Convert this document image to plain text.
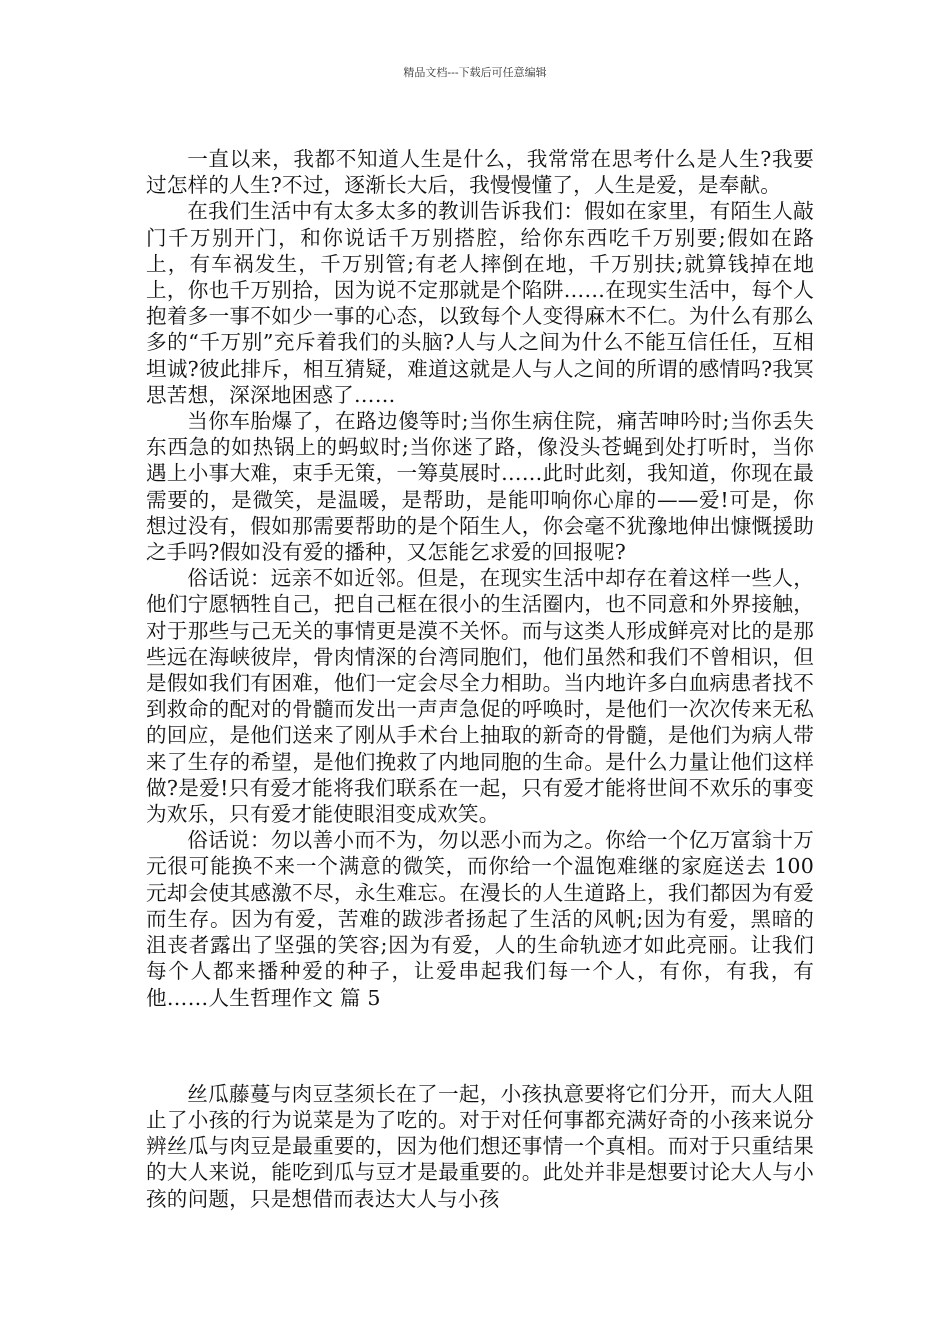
精品文档---下载后可任意编辑

一直以来，我都不知道人生是什么，我常常在思考什么是人生?我要过怎样的人生?不过，逐渐长大后，我慢慢懂了，人生是爱，是奉献。

在我们生活中有太多太多的教训告诉我们：假如在家里，有陌生人敲门千万别开门，和你说话千万别搭腔，给你东西吃千万别要;假如在路上，有车祸发生，千万别管;有老人摔倒在地，千万别扶;就算钱掉在地上，你也千万别拾，因为说不定那就是个陷阱……在现实生活中，每个人抱着多一事不如少一事的心态，以致每个人变得麻木不仁。为什么有那么多的“千万别”充斥着我们的头脑?人与人之间为什么不能互信任任，互相坦诚?彼此排斥，相互猜疑，难道这就是人与人之间的所谓的感情吗?我冥思苦想，深深地困惑了……

当你车胎爆了，在路边傻等时;当你生病住院，痛苦呻吟时;当你丢失东西急的如热锅上的蚂蚁时;当你迷了路，像没头苍蝇到处打听时，当你遇上小事大难，束手无策，一筹莫展时……此时此刻，我知道，你现在最需要的，是微笑，是温暖，是帮助，是能叩响你心扉的——爱!可是，你想过没有，假如那需要帮助的是个陌生人，你会毫不犹豫地伸出慷慨援助之手吗?假如没有爱的播种，又怎能乞求爱的回报呢?

俗话说：远亲不如近邻。但是，在现实生活中却存在着这样一些人，他们宁愿牺牲自己，把自己框在很小的生活圈内，也不同意和外界接触，对于那些与己无关的事情更是漠不关怀。而与这类人形成鲜亮对比的是那些远在海峡彼岸，骨肉情深的台湾同胞们，他们虽然和我们不曾相识，但是假如我们有困难，他们一定会尽全力相助。当内地许多白血病患者找不到救命的配对的骨髓而发出一声声急促的呼唤时，是他们一次次传来无私的回应，是他们送来了刚从手术台上抽取的新奇的骨髓，是他们为病人带来了生存的希望，是他们挽救了内地同胞的生命。是什么力量让他们这样做?是爱!只有爱才能将我们联系在一起，只有爱才能将世间不欢乐的事变为欢乐，只有爱才能使眼泪变成欢笑。

俗话说：勿以善小而不为，勿以恶小而为之。你给一个亿万富翁十万元很可能换不来一个满意的微笑，而你给一个温饱难继的家庭送去 100 元却会使其感激不尽，永生难忘。在漫长的人生道路上，我们都因为有爱而生存。因为有爱，苦难的跋涉者扬起了生活的风帆;因为有爱，黑暗的沮丧者露出了坚强的笑容;因为有爱，人的生命轨迹才如此亮丽。让我们每个人都来播种爱的种子，让爱串起我们每一个人，有你，有我，有他……人生哲理作文 篇 5

丝瓜藤蔓与肉豆茎须长在了一起，小孩执意要将它们分开，而大人阻止了小孩的行为说菜是为了吃的。对于对任何事都充满好奇的小孩来说分辨丝瓜与肉豆是最重要的，因为他们想还事情一个真相。而对于只重结果的大人来说，能吃到瓜与豆才是最重要的。此处并非是想要讨论大人与小孩的问题，只是想借而表达大人与小孩
